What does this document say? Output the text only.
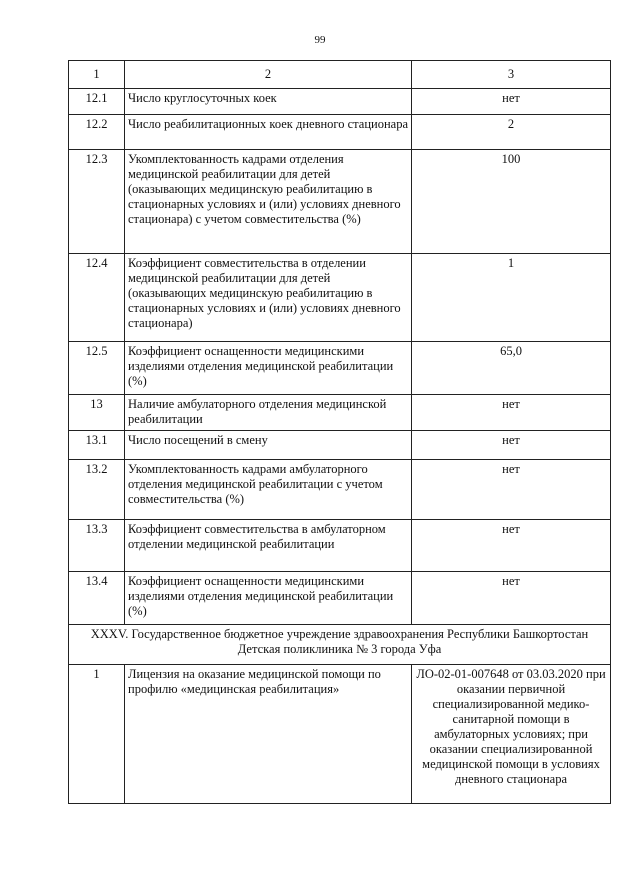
99
1	2	3
12.1	Число круглосуточных коек	нет
12.2	Число реабилитационных коек дневного стационара	2
12.3	Укомплектованность кадрами отделения медицинской реабилитации для детей (оказывающих медицинскую реабилитацию в стационарных условиях и (или) условиях дневного стационара) с учетом совместительства (%)	100
12.4	Коэффициент совместительства в отделении медицинской реабилитации для детей (оказывающих медицинскую реабилитацию в стационарных условиях и (или) условиях дневного стационара)	1
12.5	Коэффициент оснащенности медицинскими изделиями отделения медицинской реабилитации (%)	65,0
13	Наличие амбулаторного отделения медицинской реабилитации	нет
13.1	Число посещений в смену	нет
13.2	Укомплектованность кадрами амбулаторного отделения медицинской реабилитации с учетом совместительства (%)	нет
13.3	Коэффициент совместительства в амбулаторном отделении медицинской реабилитации	нет
13.4	Коэффициент оснащенности медицинскими изделиями отделения медицинской реабилитации (%)	нет
XXXV. Государственное бюджетное учреждение здравоохранения Республики Башкортостан Детская поликлиника № 3 города Уфа		
1	Лицензия на оказание медицинской помощи по профилю «медицинская реабилитация»	ЛО-02-01-007648 от 03.03.2020 при оказании первичной специализированной медико-санитарной помощи в амбулаторных условиях; при оказании специализированной медицинской помощи в условиях дневного стационара
